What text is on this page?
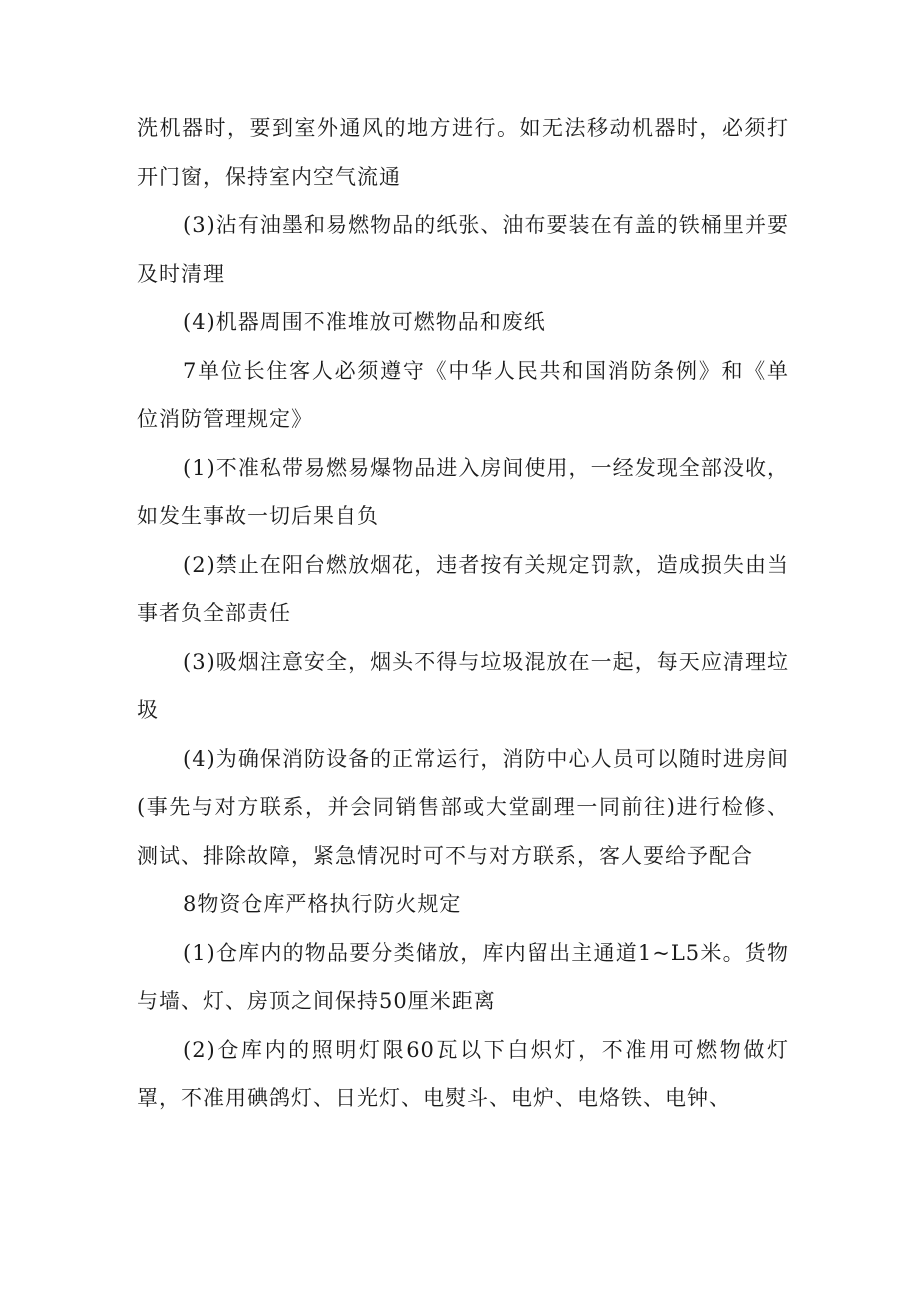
洗机器时，要到室外通风的地方进行。如无法移动机器时，必须打开门窗，保持室内空气流通

(3)沾有油墨和易燃物品的纸张、油布要装在有盖的铁桶里并要及时清理

(4)机器周围不准堆放可燃物品和废纸

7单位长住客人必须遵守《中华人民共和国消防条例》和《单位消防管理规定》

(1)不准私带易燃易爆物品进入房间使用，一经发现全部没收，如发生事故一切后果自负

(2)禁止在阳台燃放烟花，违者按有关规定罚款，造成损失由当事者负全部责任

(3)吸烟注意安全，烟头不得与垃圾混放在一起，每天应清理垃圾

(4)为确保消防设备的正常运行，消防中心人员可以随时进房间(事先与对方联系，并会同销售部或大堂副理一同前往)进行检修、测试、排除故障，紧急情况时可不与对方联系，客人要给予配合

8物资仓库严格执行防火规定

(1)仓库内的物品要分类储放，库内留出主通道1~L5米。货物与墙、灯、房顶之间保持50厘米距离

(2)仓库内的照明灯限60瓦以下白炽灯，不准用可燃物做灯罩，不准用碘鸽灯、日光灯、电熨斗、电炉、电烙铁、电钟、
